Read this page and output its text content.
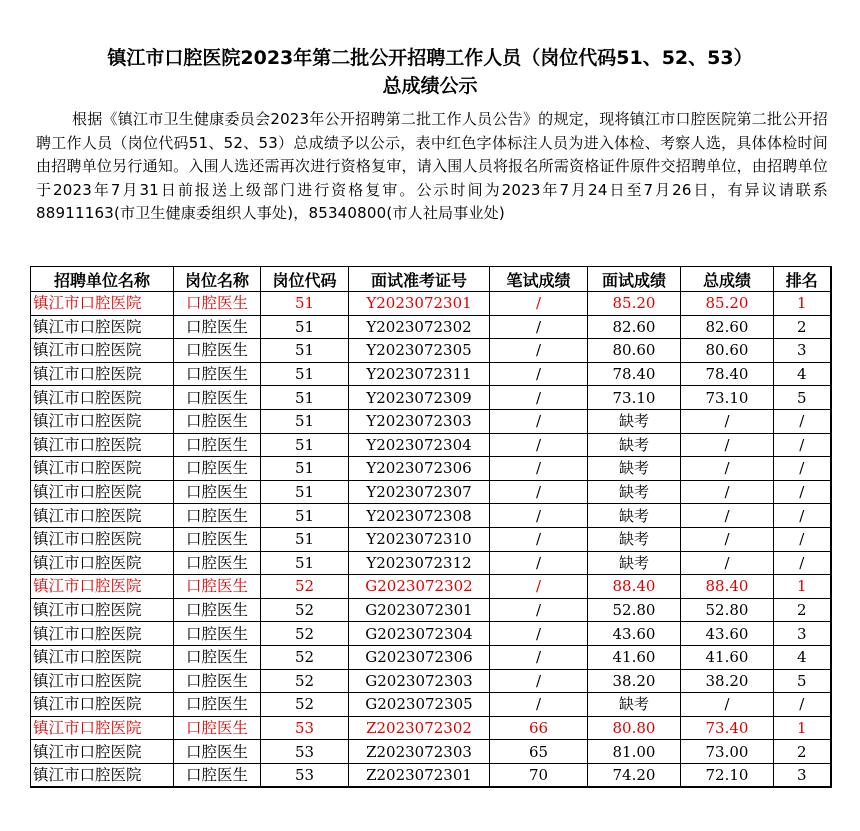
镇江市口腔医院2023年第二批公开招聘工作人员（岗位代码51、52、53）
总成绩公示
根据《镇江市卫生健康委员会2023年公开招聘第二批工作人员公告》的规定，现将镇江市口腔医院第二批公开招聘工作人员（岗位代码51、52、53）总成绩予以公示，表中红色字体标注人员为进入体检、考察人选，具体体检时间由招聘单位另行通知。入围人选还需再次进行资格复审，请入围人员将报名所需资格证件原件交招聘单位，由招聘单位于2023年7月31日前报送上级部门进行资格复审。公示时间为2023年7月24日至7月26日，有异议请联系88911163(市卫生健康委组织人事处)，85340800(市人社局事业处)
招聘单位名称	岗位名称	岗位代码	面试准考证号	笔试成绩	面试成绩	总成绩	排名
镇江市口腔医院	口腔医生	51	Y2023072301	/	85.20	85.20	1
镇江市口腔医院	口腔医生	51	Y2023072302	/	82.60	82.60	2
镇江市口腔医院	口腔医生	51	Y2023072305	/	80.60	80.60	3
镇江市口腔医院	口腔医生	51	Y2023072311	/	78.40	78.40	4
镇江市口腔医院	口腔医生	51	Y2023072309	/	73.10	73.10	5
镇江市口腔医院	口腔医生	51	Y2023072303	/	缺考	/	/
镇江市口腔医院	口腔医生	51	Y2023072304	/	缺考	/	/
镇江市口腔医院	口腔医生	51	Y2023072306	/	缺考	/	/
镇江市口腔医院	口腔医生	51	Y2023072307	/	缺考	/	/
镇江市口腔医院	口腔医生	51	Y2023072308	/	缺考	/	/
镇江市口腔医院	口腔医生	51	Y2023072310	/	缺考	/	/
镇江市口腔医院	口腔医生	51	Y2023072312	/	缺考	/	/
镇江市口腔医院	口腔医生	52	G2023072302	/	88.40	88.40	1
镇江市口腔医院	口腔医生	52	G2023072301	/	52.80	52.80	2
镇江市口腔医院	口腔医生	52	G2023072304	/	43.60	43.60	3
镇江市口腔医院	口腔医生	52	G2023072306	/	41.60	41.60	4
镇江市口腔医院	口腔医生	52	G2023072303	/	38.20	38.20	5
镇江市口腔医院	口腔医生	52	G2023072305	/	缺考	/	/
镇江市口腔医院	口腔医生	53	Z2023072302	66	80.80	73.40	1
镇江市口腔医院	口腔医生	53	Z2023072303	65	81.00	73.00	2
镇江市口腔医院	口腔医生	53	Z2023072301	70	74.20	72.10	3
